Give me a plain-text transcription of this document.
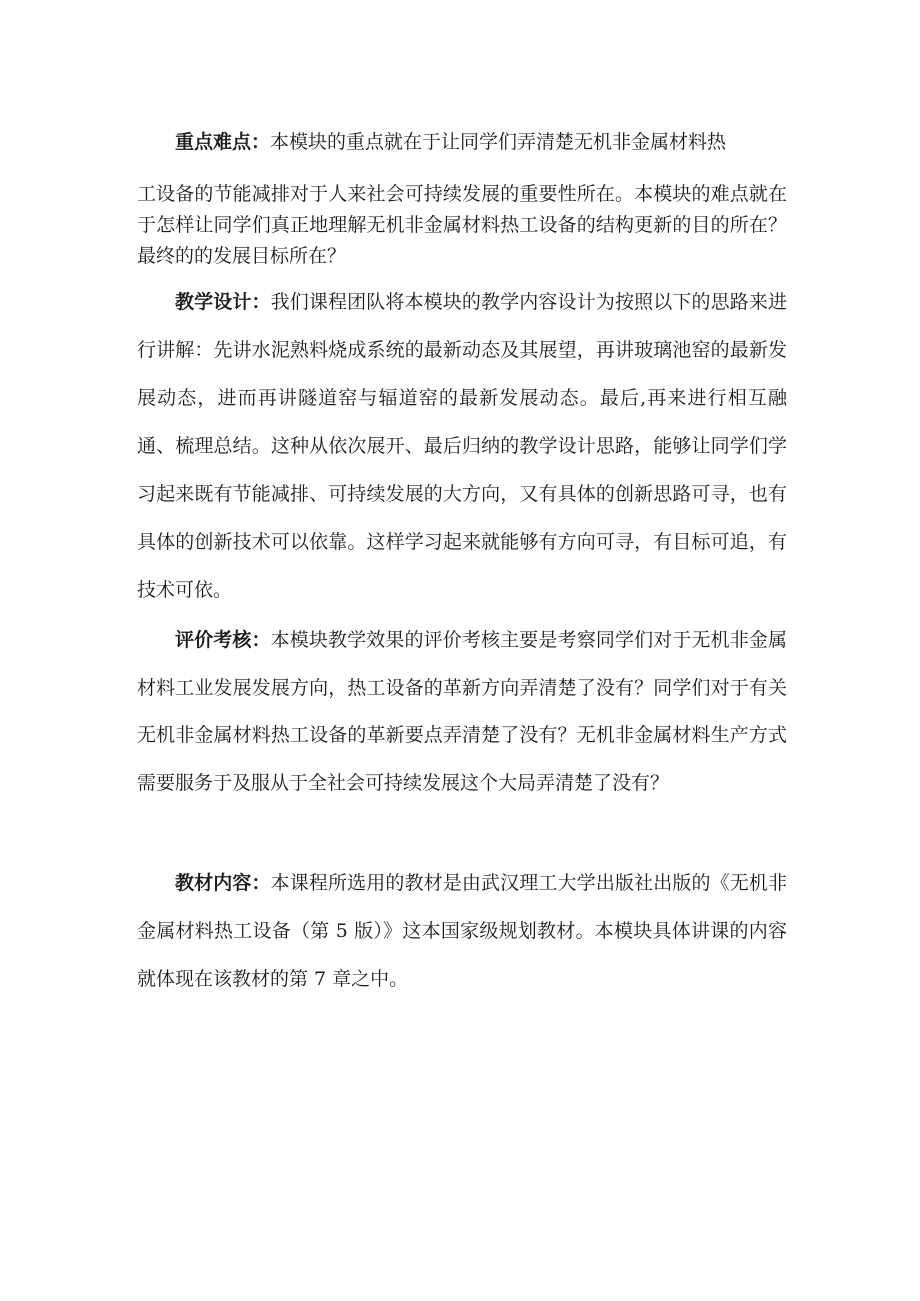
重点难点：本模块的重点就在于让同学们弄清楚无机非金属材料热

工设备的节能减排对于人来社会可持续发展的重要性所在。本模块的难点就在于怎样让同学们真正地理解无机非金属材料热工设备的结构更新的目的所在？最终的的发展目标所在？

教学设计：我们课程团队将本模块的教学内容设计为按照以下的思路来进行讲解：先讲水泥熟料烧成系统的最新动态及其展望，再讲玻璃池窑的最新发展动态，进而再讲隧道窑与辐道窑的最新发展动态。最后,再来进行相互融通、梳理总结。这种从依次展开、最后归纳的教学设计思路，能够让同学们学习起来既有节能减排、可持续发展的大方向，又有具体的创新思路可寻，也有具体的创新技术可以依靠。这样学习起来就能够有方向可寻，有目标可追，有技术可依。

评价考核：本模块教学效果的评价考核主要是考察同学们对于无机非金属材料工业发展发展方向，热工设备的革新方向弄清楚了没有？同学们对于有关无机非金属材料热工设备的革新要点弄清楚了没有？无机非金属材料生产方式需要服务于及服从于全社会可持续发展这个大局弄清楚了没有？

教材内容：本课程所选用的教材是由武汉理工大学出版社出版的《无机非金属材料热工设备（第 5 版）》这本国家级规划教材。本模块具体讲课的内容就体现在该教材的第 7 章之中。
